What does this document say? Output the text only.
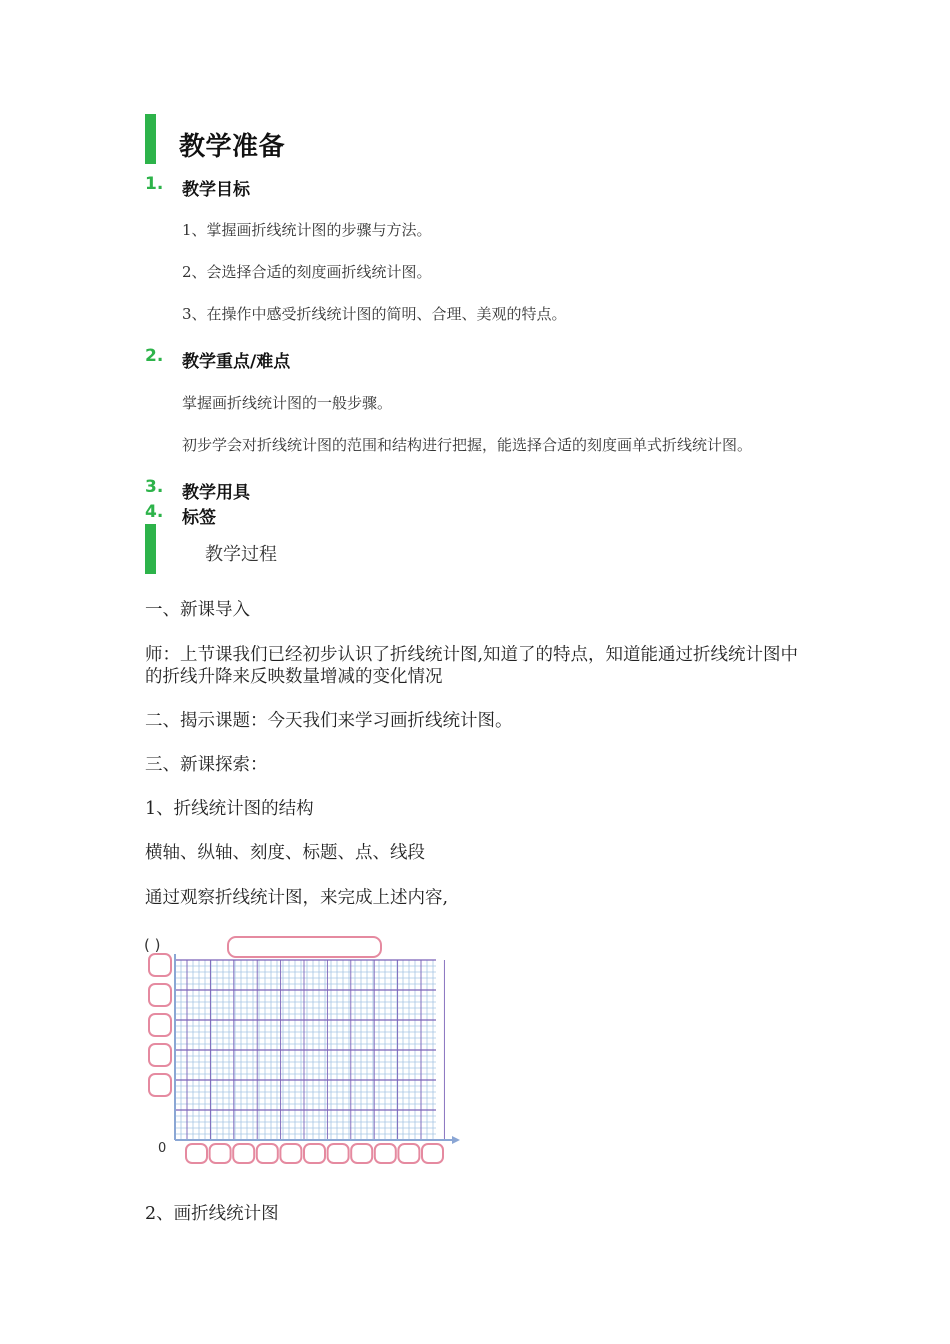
教学准备
1. 教学目标
1、掌握画折线统计图的步骤与方法。
2、会选择合适的刻度画折线统计图。
3、在操作中感受折线统计图的简明、合理、美观的特点。
2. 教学重点/难点
掌握画折线统计图的一般步骤。
初步学会对折线统计图的范围和结构进行把握，能选择合适的刻度画单式折线统计图。
3. 教学用具
4. 标签
教学过程
一、新课导入
师：上节课我们已经初步认识了折线统计图,知道了的特点，知道能通过折线统计图中的折线升降来反映数量增减的变化情况
二、揭示课题：今天我们来学习画折线统计图。
三、新课探索：
1、折线统计图的结构
横轴、纵轴、刻度、标题、点、线段
通过观察折线统计图，来完成上述内容,
( )
0
2、画折线统计图
